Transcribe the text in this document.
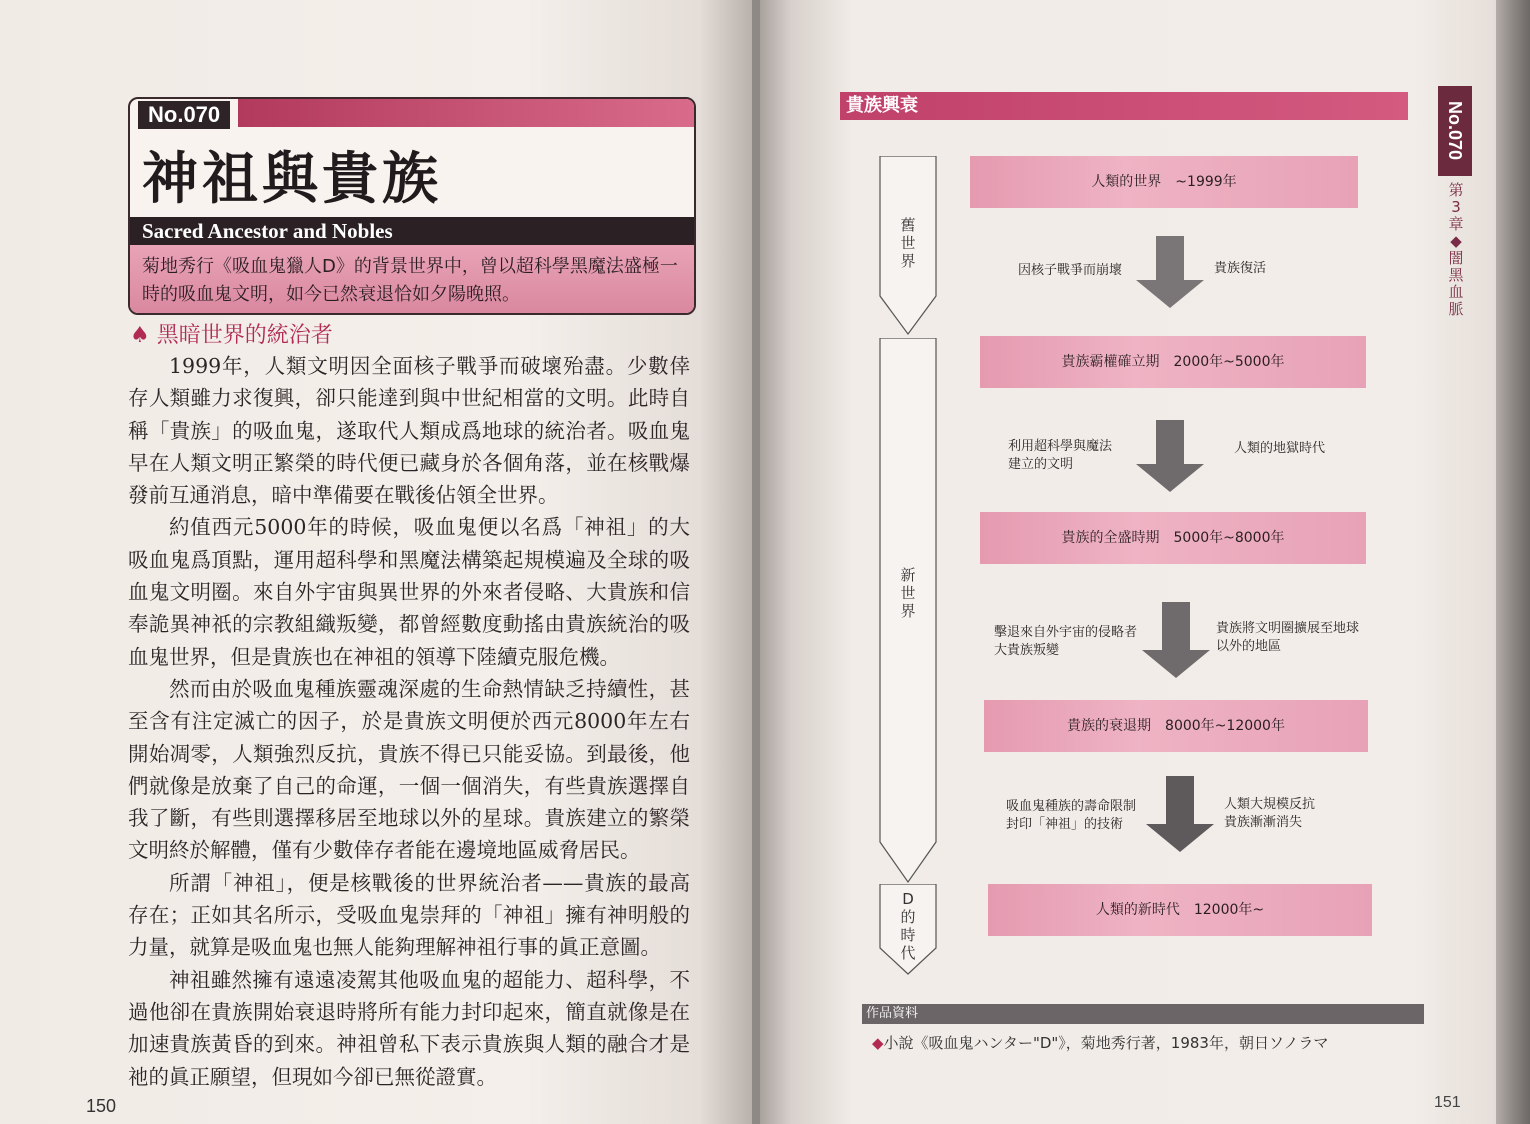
No.070
神祖與貴族
Sacred Ancestor and Nobles
菊地秀行《吸血鬼獵人D》的背景世界中，曾以超科學黑魔法盛極一時的吸血鬼文明，如今已然衰退恰如夕陽晚照。
♠ 黑暗世界的統治者

1999年，人類文明因全面核子戰爭而破壞殆盡。少數倖存人類雖力求復興，卻只能達到與中世紀相當的文明。此時自稱「貴族」的吸血鬼，遂取代人類成爲地球的統治者。吸血鬼早在人類文明正繁榮的時代便已藏身於各個角落，並在核戰爆發前互通消息，暗中準備要在戰後佔領全世界。

約值西元5000年的時候，吸血鬼便以名爲「神祖」的大吸血鬼爲頂點，運用超科學和黑魔法構築起規模遍及全球的吸血鬼文明圈。來自外宇宙與異世界的外來者侵略、大貴族和信奉詭異神祇的宗教組織叛變，都曾經數度動搖由貴族統治的吸血鬼世界，但是貴族也在神祖的領導下陸續克服危機。

然而由於吸血鬼種族靈魂深處的生命熱情缺乏持續性，甚至含有注定滅亡的因子，於是貴族文明便於西元8000年左右開始凋零，人類強烈反抗，貴族不得已只能妥協。到最後，他們就像是放棄了自己的命運，一個一個消失，有些貴族選擇自我了斷，有些則選擇移居至地球以外的星球。貴族建立的繁榮文明終於解體，僅有少數倖存者能在邊境地區威脅居民。

所謂「神祖」，便是核戰後的世界統治者——貴族的最高存在；正如其名所示，受吸血鬼崇拜的「神祖」擁有神明般的力量，就算是吸血鬼也無人能夠理解神祖行事的眞正意圖。

神祖雖然擁有遠遠凌駕其他吸血鬼的超能力、超科學，不過他卻在貴族開始衰退時將所有能力封印起來，簡直就像是在加速貴族黃昏的到來。神祖曾私下表示貴族與人類的融合才是祂的眞正願望，但現如今卻已無從證實。

150
貴族興衰
舊世界
新世界
D的時代
人類的世界　~1999年
貴族霸權確立期　2000年~5000年
貴族的全盛時期　5000年~8000年
貴族的衰退期　8000年~12000年
人類的新時代　12000年~
因核子戰爭而崩壞	貴族復活
利用超科學與魔法
建立的文明
人類的地獄時代
擊退來自外宇宙的侵略者
大貴族叛變
貴族將文明圈擴展至地球
以外的地區
吸血鬼種族的壽命限制
封印「神祖」的技術
人類大規模反抗
貴族漸漸消失
作品資料
◆小說《吸血鬼ハンター"D"》，菊地秀行著，1983年，朝日ソノラマ
No.070
第3章◆闇黑血脈
151
